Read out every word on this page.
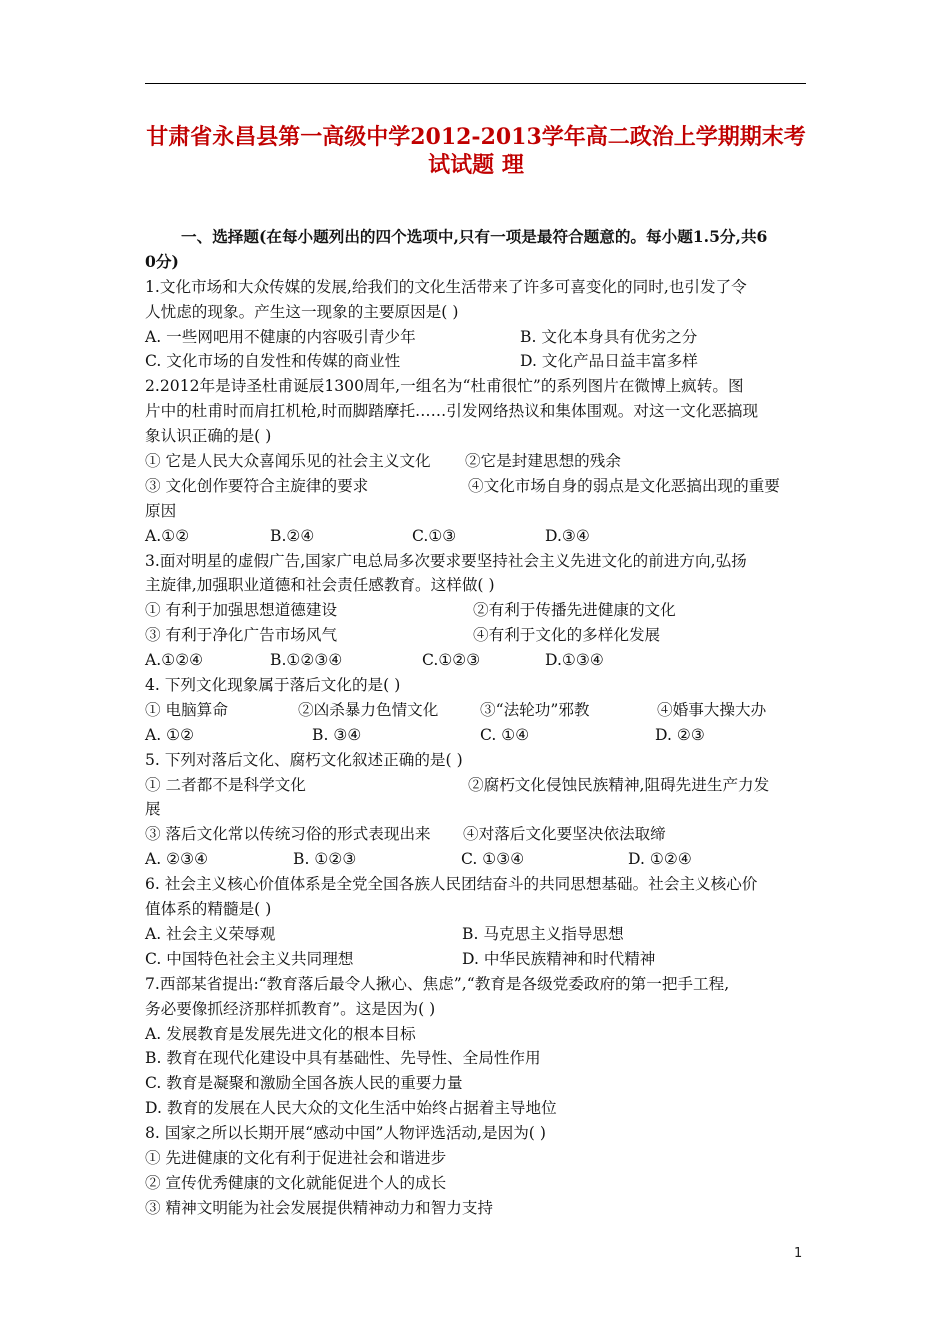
甘肃省永昌县第一高级中学2012-2013学年高二政治上学期期末考
试试题 理
一、选择题(在每小题列出的四个选项中,只有一项是最符合题意的。每小题1.5分,共6
0分)
1.文化市场和大众传媒的发展,给我们的文化生活带来了许多可喜变化的同时,也引发了令
人忧虑的现象。产生这一现象的主要原因是( )
A. 一些网吧用不健康的内容吸引青少年	B. 文化本身具有优劣之分
C. 文化市场的自发性和传媒的商业性	D. 文化产品日益丰富多样
2.2012年是诗圣杜甫诞辰1300周年,一组名为“杜甫很忙”的系列图片在微博上疯转。图
片中的杜甫时而肩扛机枪,时而脚踏摩托……引发网络热议和集体围观。对这一文化恶搞现
象认识正确的是( )
① 它是人民大众喜闻乐见的社会主义文化 ②它是封建思想的残余
③ 文化创作要符合主旋律的要求	④文化市场自身的弱点是文化恶搞出现的重要
原因
A.①②	B.②④	C.①③	D.③④
3.面对明星的虚假广告,国家广电总局多次要求要坚持社会主义先进文化的前进方向,弘扬
主旋律,加强职业道德和社会责任感教育。这样做( )
① 有利于加强思想道德建设	②有利于传播先进健康的文化
③ 有利于净化广告市场风气	④有利于文化的多样化发展
A.①②④	B.①②③④	C.①②③	D.①③④
4. 下列文化现象属于落后文化的是( )
① 电脑算命	②凶杀暴力色情文化	③“法轮功”邪教	④婚事大操大办
A. ①②	B. ③④	C. ①④	D. ②③
5. 下列对落后文化、腐朽文化叙述正确的是( )
① 二者都不是科学文化	②腐朽文化侵蚀民族精神,阻碍先进生产力发
展
③ 落后文化常以传统习俗的形式表现出来 ④对落后文化要坚决依法取缔
A. ②③④	B. ①②③	C. ①③④	D. ①②④
6. 社会主义核心价值体系是全党全国各族人民团结奋斗的共同思想基础。社会主义核心价
值体系的精髓是( )
A. 社会主义荣辱观	B. 马克思主义指导思想
C. 中国特色社会主义共同理想	D. 中华民族精神和时代精神
7.西部某省提出:“教育落后最令人揪心、焦虑”,“教育是各级党委政府的第一把手工程,
务必要像抓经济那样抓教育”。这是因为( )
A. 发展教育是发展先进文化的根本目标
B. 教育在现代化建设中具有基础性、先导性、全局性作用
C. 教育是凝聚和激励全国各族人民的重要力量
D. 教育的发展在人民大众的文化生活中始终占据着主导地位
8. 国家之所以长期开展“感动中国”人物评选活动,是因为( )
① 先进健康的文化有利于促进社会和谐进步
② 宣传优秀健康的文化就能促进个人的成长
③ 精神文明能为社会发展提供精神动力和智力支持
1
